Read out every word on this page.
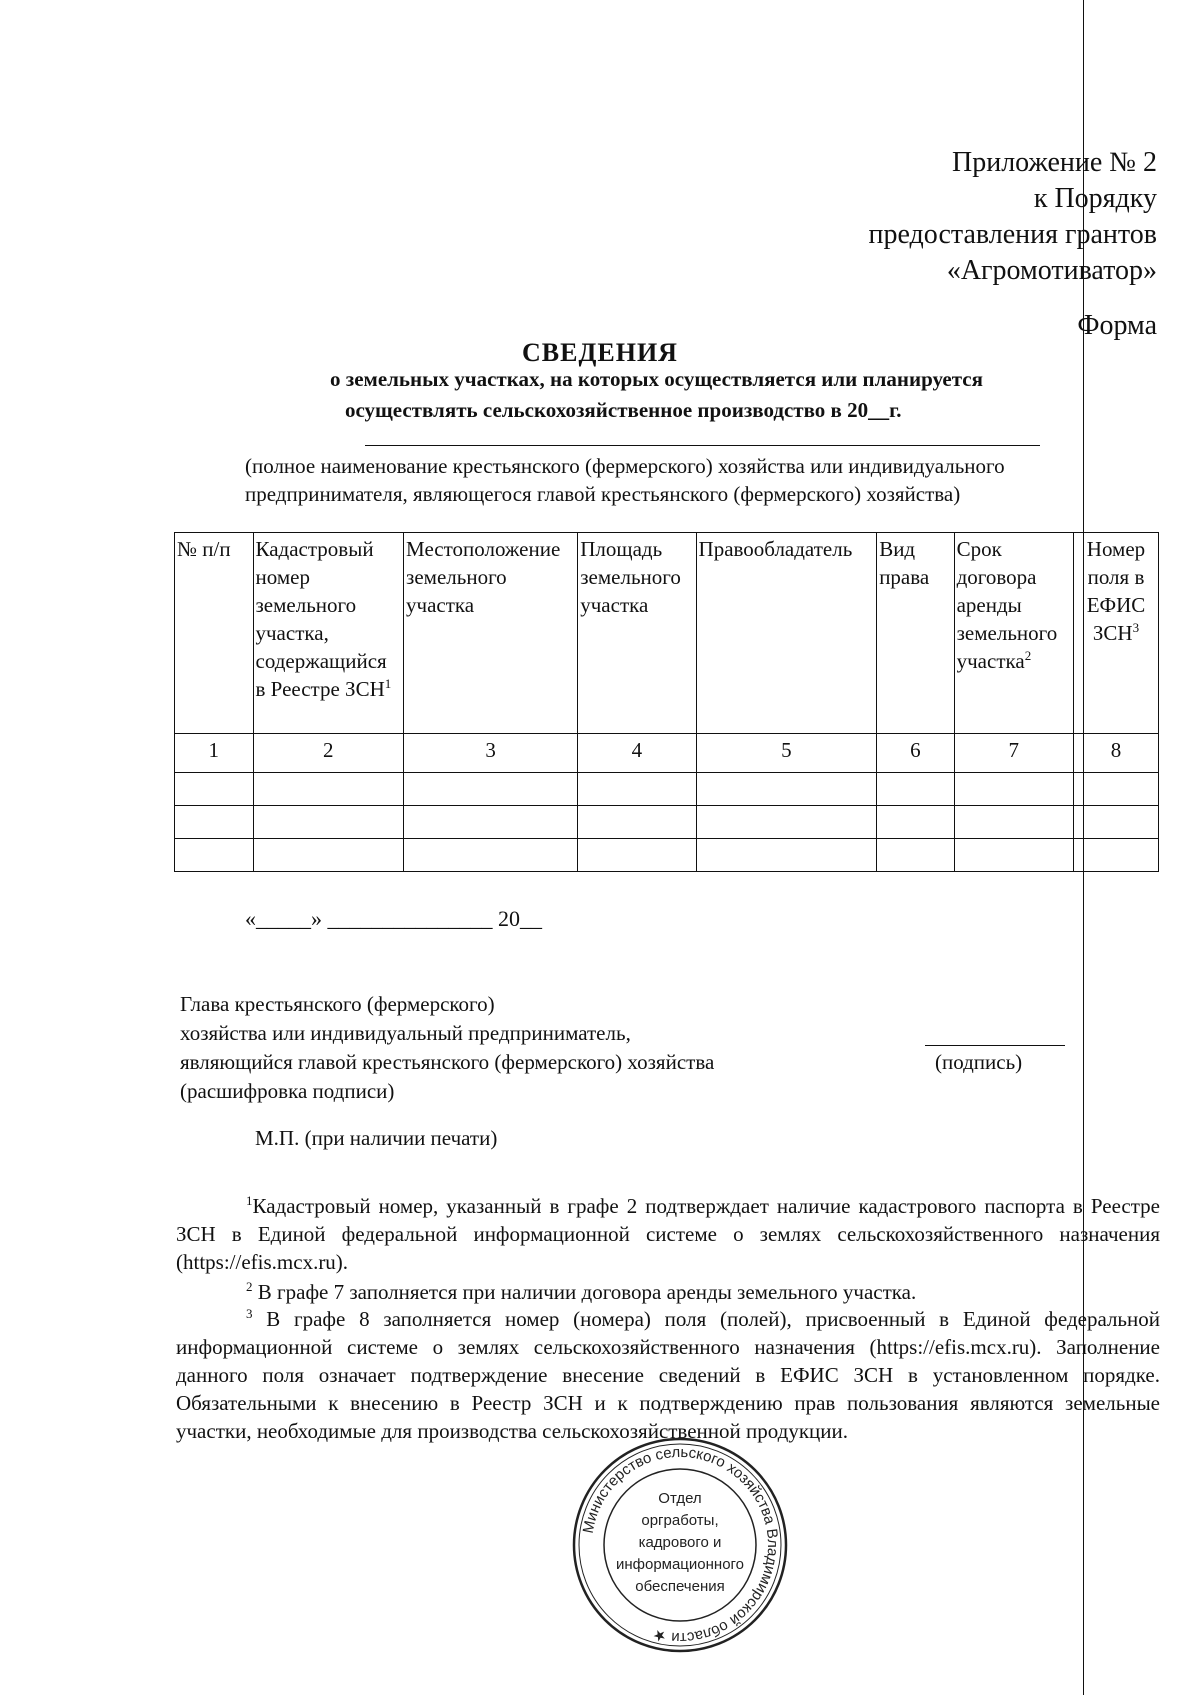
Приложение № 2
к Порядку
предоставления грантов
«Агромотиватор»
Форма
СВЕДЕНИЯ
о земельных участках, на которых осуществляется или планируется
осуществлять сельскохозяйственное производство в 20__г.
(полное наименование крестьянского (фермерского) хозяйства или индивидуального
предпринимателя, являющегося главой крестьянского (фермерского) хозяйства)
№ п/п	Кадастровый номер земельного участка, содержащийся в Реестре ЗСН$^1$	Местоположение земельного участка	Площадь земельного участка	Правообладатель	Вид права	Срок договора аренды земельного участка$^2$	Номер поля в ЕФИС ЗСН$^3$
1	2	3	4	5	6	7	8

«_____» _______________ 20__
Глава крестьянского (фермерского)
хозяйства или индивидуальный предприниматель,
являющийся главой крестьянского (фермерского) хозяйства
(расшифровка подписи)
(подпись)
М.П. (при наличии печати)
$^1$Кадастровый номер, указанный в графе 2 подтверждает наличие кадастрового паспорта в Реестре ЗСН в Единой федеральной информационной системе о землях сельскохозяйственного назначения (https://efis.mcx.ru).
$^2$ В графе 7 заполняется при наличии договора аренды земельного участка.
$^3$ В графе 8 заполняется номер (номера) поля (полей), присвоенный в Единой федеральной информационной системе о землях сельскохозяйственного назначения (https://efis.mcx.ru). Заполнение данного поля означает подтверждение внесение сведений в ЕФИС ЗСН в установленном порядке. Обязательными к внесению в Реестр ЗСН и к подтверждению прав пользования являются земельные участки, необходимые для производства сельскохозяйственной продукции.
Министерство сельского хозяйства Владимирской области ★
Отдел
оргработы,
кадрового и
информационного
обеспечения
